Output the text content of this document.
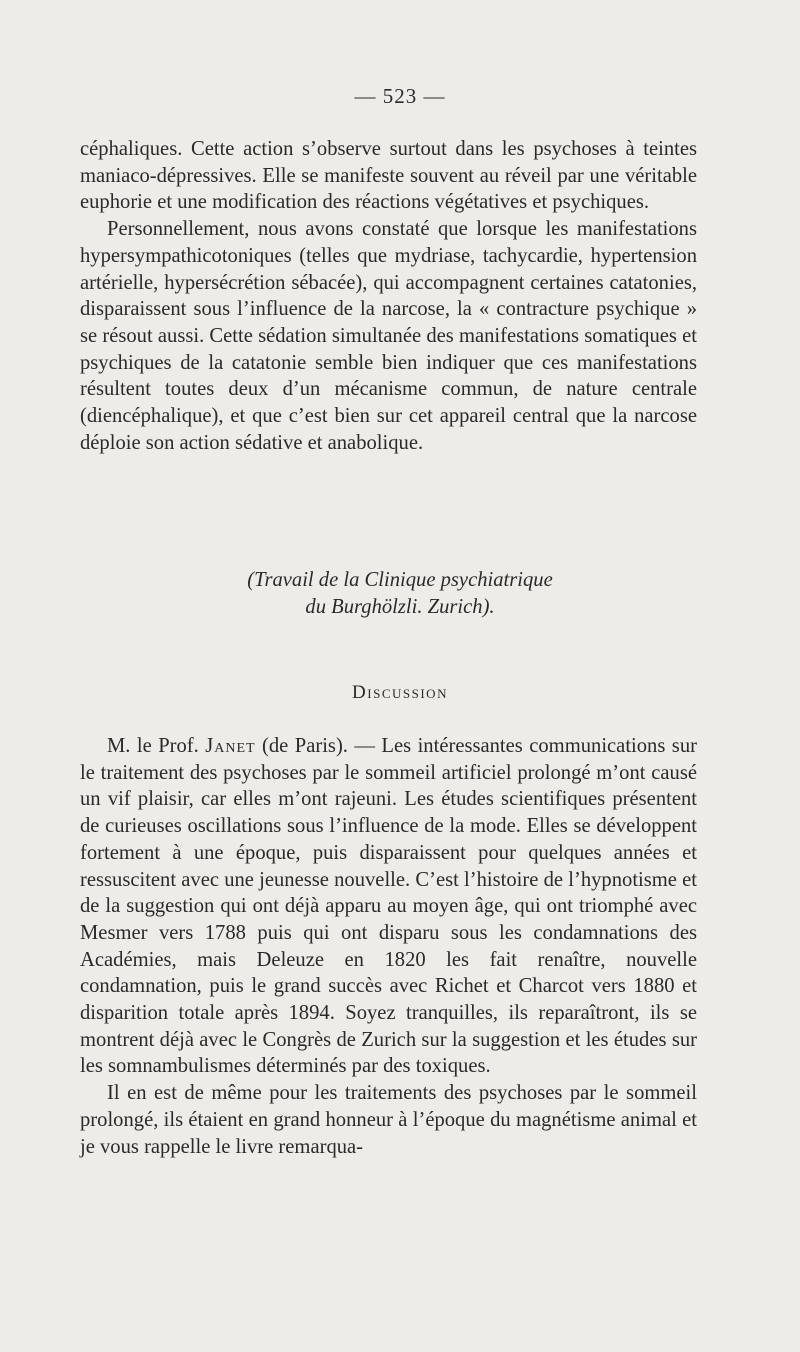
— 523 —

céphaliques. Cette action s’observe surtout dans les psychoses à teintes maniaco-dépressives. Elle se manifeste souvent au réveil par une véritable euphorie et une modification des réactions végétatives et psychiques.

Personnellement, nous avons constaté que lorsque les manifestations hypersympathicotoniques (telles que mydriase, tachycardie, hypertension artérielle, hypersécrétion sébacée), qui accompagnent certaines catatonies, disparaissent sous l’influence de la narcose, la « contracture psychique » se résout aussi. Cette sédation simultanée des manifestations somatiques et psychiques de la catatonie semble bien indiquer que ces manifestations résultent toutes deux d’un mécanisme commun, de nature centrale (diencéphalique), et que c’est bien sur cet appareil central que la narcose déploie son action sédative et anabolique.

(Travail de la Clinique psychiatrique
du Burghölzli. Zurich).
Discussion

M. le Prof. Janet (de Paris). — Les intéressantes communications sur le traitement des psychoses par le sommeil artificiel prolongé m’ont causé un vif plaisir, car elles m’ont rajeuni. Les études scientifiques présentent de curieuses oscillations sous l’influence de la mode. Elles se développent fortement à une époque, puis disparaissent pour quelques années et ressuscitent avec une jeunesse nouvelle. C’est l’histoire de l’hypnotisme et de la suggestion qui ont déjà apparu au moyen âge, qui ont triomphé avec Mesmer vers 1788 puis qui ont disparu sous les condamnations des Académies, mais Deleuze en 1820 les fait renaître, nouvelle condamnation, puis le grand succès avec Richet et Charcot vers 1880 et disparition totale après 1894. Soyez tranquilles, ils reparaîtront, ils se montrent déjà avec le Congrès de Zurich sur la suggestion et les études sur les somnambulismes déterminés par des toxiques.

Il en est de même pour les traitements des psychoses par le sommeil prolongé, ils étaient en grand honneur à l’époque du magnétisme animal et je vous rappelle le livre remarqua-
